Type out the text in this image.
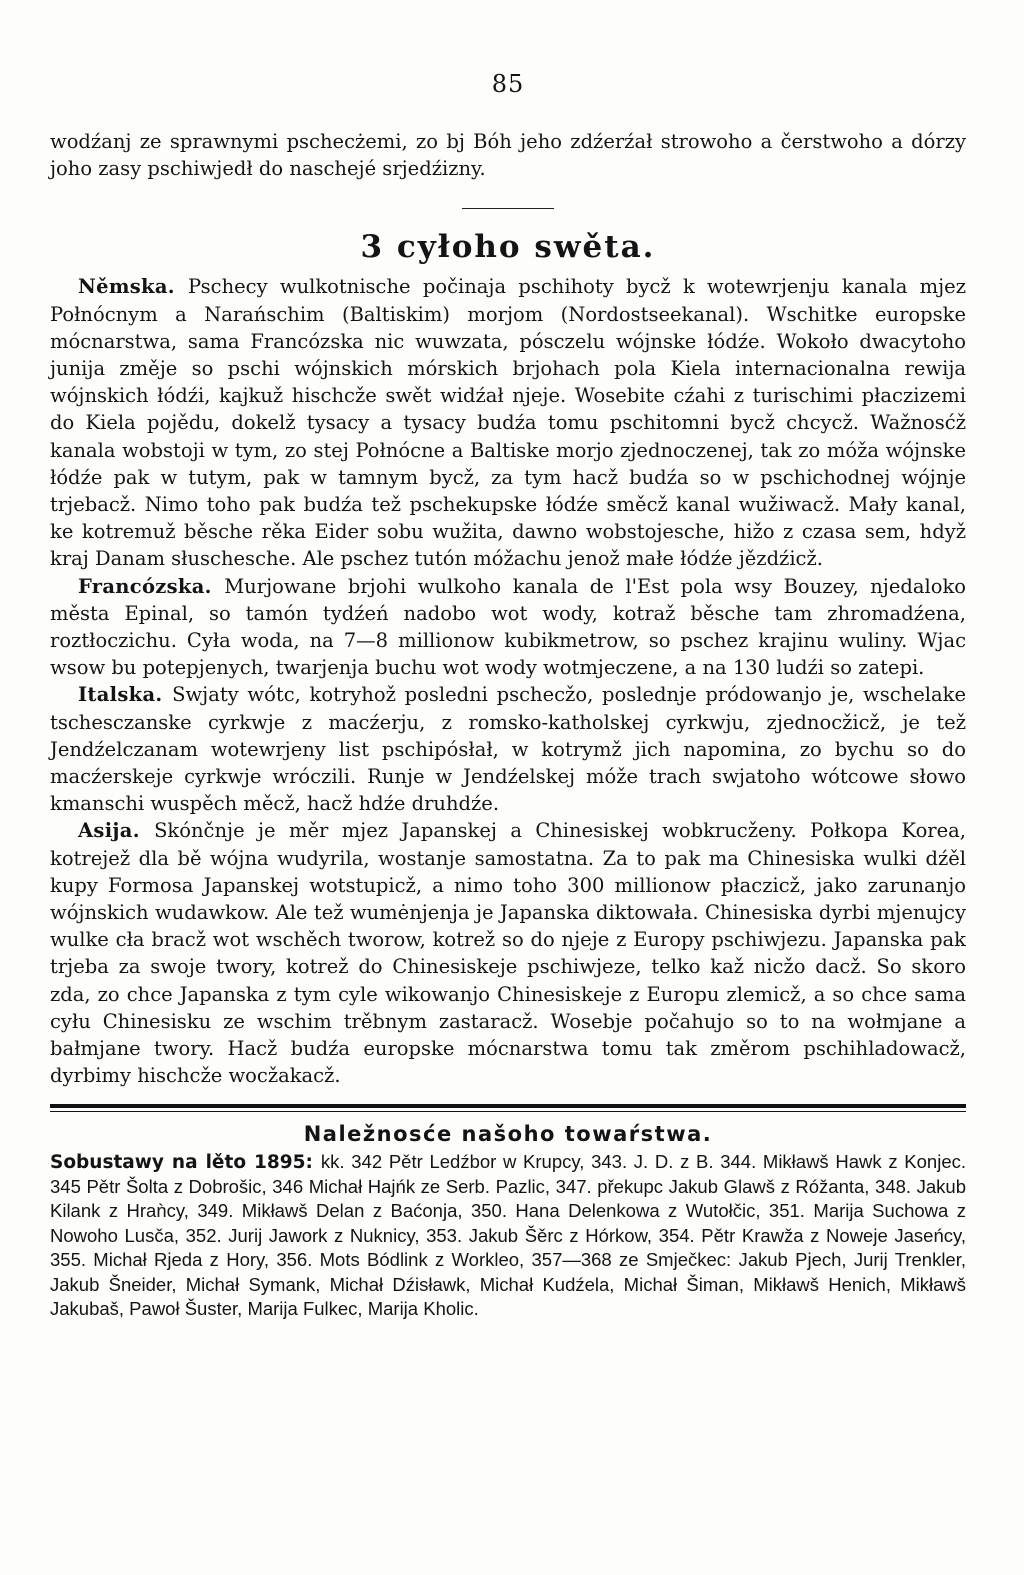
85

wodźanj ze sprawnymi pschecżemi, zo bj Bóh jeho zdźerźał strowoho a čerstwoho a dórzy joho zasy pschiwjedł do naschejé srjedźizny.

3 cyłoho swěta.

Němska. Pschecy wulkotnische počinaja pschihoty bycž k wotewrjenju kanala mjez Połnócnym a Narańschim (Baltiskim) morjom (Nordostseekanal). Wschitke europske mócnarstwa, sama Francózska nic wuwzata, pósczelu wójnske łódźe. Wokoło dwacytoho junija změje so pschi wójnskich mórskich brjohach pola Kiela internacionalna rewija wójnskich łódźi, kajkuž hischcže swět widźał njeje. Wosebite cźahi z turischimi płaczizemi do Kiela pojědu, dokelž tysacy a tysacy budźa tomu pschitomni bycž chcycž. Wažnosćž kanala wobstoji w tym, zo stej Połnócne a Baltiske morjo zjednoczenej, tak zo móža wójnske łódźe pak w tutym, pak w tamnym bycž, za tym hacž budźa so w pschichodnej wójnje trjebacž. Nimo toho pak budźa tež pschekupske łódźe směcž kanal wužiwacž. Mały kanal, ke kotremuž běsche rěka Eider sobu wužita, dawno wobstojesche, hižo z czasa sem, hdyž kraj Danam słuschesche. Ale pschez tutón móžachu jenož małe łódźe jězdźicž.

Francózska. Murjowane brjohi wulkoho kanala de l'Est pola wsy Bouzey, njedaloko města Epinal, so tamón tydźeń nadobo wot wody, kotraž běsche tam zhromadźena, roztłoczichu. Cyła woda, na 7—8 millionow kubikmetrow, so pschez krajinu wuliny. Wjac wsow bu potepjenych, twarjenja buchu wot wody wotmjeczene, a na 130 ludźi so zatepi.

Italska. Swjaty wótc, kotryhož posledni pschecžo, poslednje pródowanjo je, wschelake tschesczanske cyrkwje z macźerju, z romsko-katholskej cyrkwju, zjednocžicž, je tež Jendźelczanam wotewrjeny list pschipósłał, w kotrymž jich napomina, zo bychu so do macźerskeje cyrkwje wróczili. Runje w Jendźelskej móže trach swjatoho wótcowe słowo kmanschi wuspěch měcž, hacž hdźe druhdźe.

Asija. Skónčnje je měr mjez Japanskej a Chinesiskej wobkrucženy. Połkopa Korea, kotrejež dla bě wójna wudyrila, wostanje samostatna. Za to pak ma Chinesiska wulki dźěl kupy Formosa Japanskej wotstupicž, a nimo toho 300 millionow płaczicž, jako zarunanjo wójnskich wudawkow. Ale tež wumėnjenja je Japanska diktowała. Chinesiska dyrbi mjenujcy wulke cła bracž wot wschěch tworow, kotrež so do njeje z Europy pschiwjezu. Japanska pak trjeba za swoje twory, kotrež do Chinesiskeje pschiwjeze, telko kaž nicžo dacž. So skoro zda, zo chce Japanska z tym cyle wikowanjo Chinesiskeje z Europu zlemicž, a so chce sama cyłu Chinesisku ze wschim trěbnym zastaracž. Wosebje počahujo so to na wołmjane a bałmjane twory. Hacž budźa europske mócnarstwa tomu tak změrom pschihladowacž, dyrbimy hischcže wocžakacž.

Naležnosće našoho towaŕstwa.

Sobustawy na lěto 1895: kk. 342 Pětr Ledźbor w Krupcy, 343. J. D. z B. 344. Mikławš Hawk z Konjec. 345 Pětr Šolta z Dobrošic, 346 Michał Hajńk ze Serb. Pazlic, 347. překupc Jakub Glawš z Róžanta, 348. Jakub Kilank z Hraǹcy, 349. Mikławš Delan z Baćonja, 350. Hana Delenkowa z Wutołčic, 351. Marija Suchowa z Nowoho Lusča, 352. Jurij Jawork z Nuknicy, 353. Jakub Šěrc z Hórkow, 354. Pětr Krawža z Noweje Jaseńcy, 355. Michał Rjeda z Hory, 356. Mots Bódlink z Workleo, 357—368 ze Smječkec: Jakub Pjech, Jurij Trenkler, Jakub Šneider, Michał Symank, Michał Dźisławk, Michał Kudźela, Michał Šiman, Mikławš Henich, Mikławš Jakubaš, Pawoł Šuster, Marija Fulkec, Marija Kholic.
